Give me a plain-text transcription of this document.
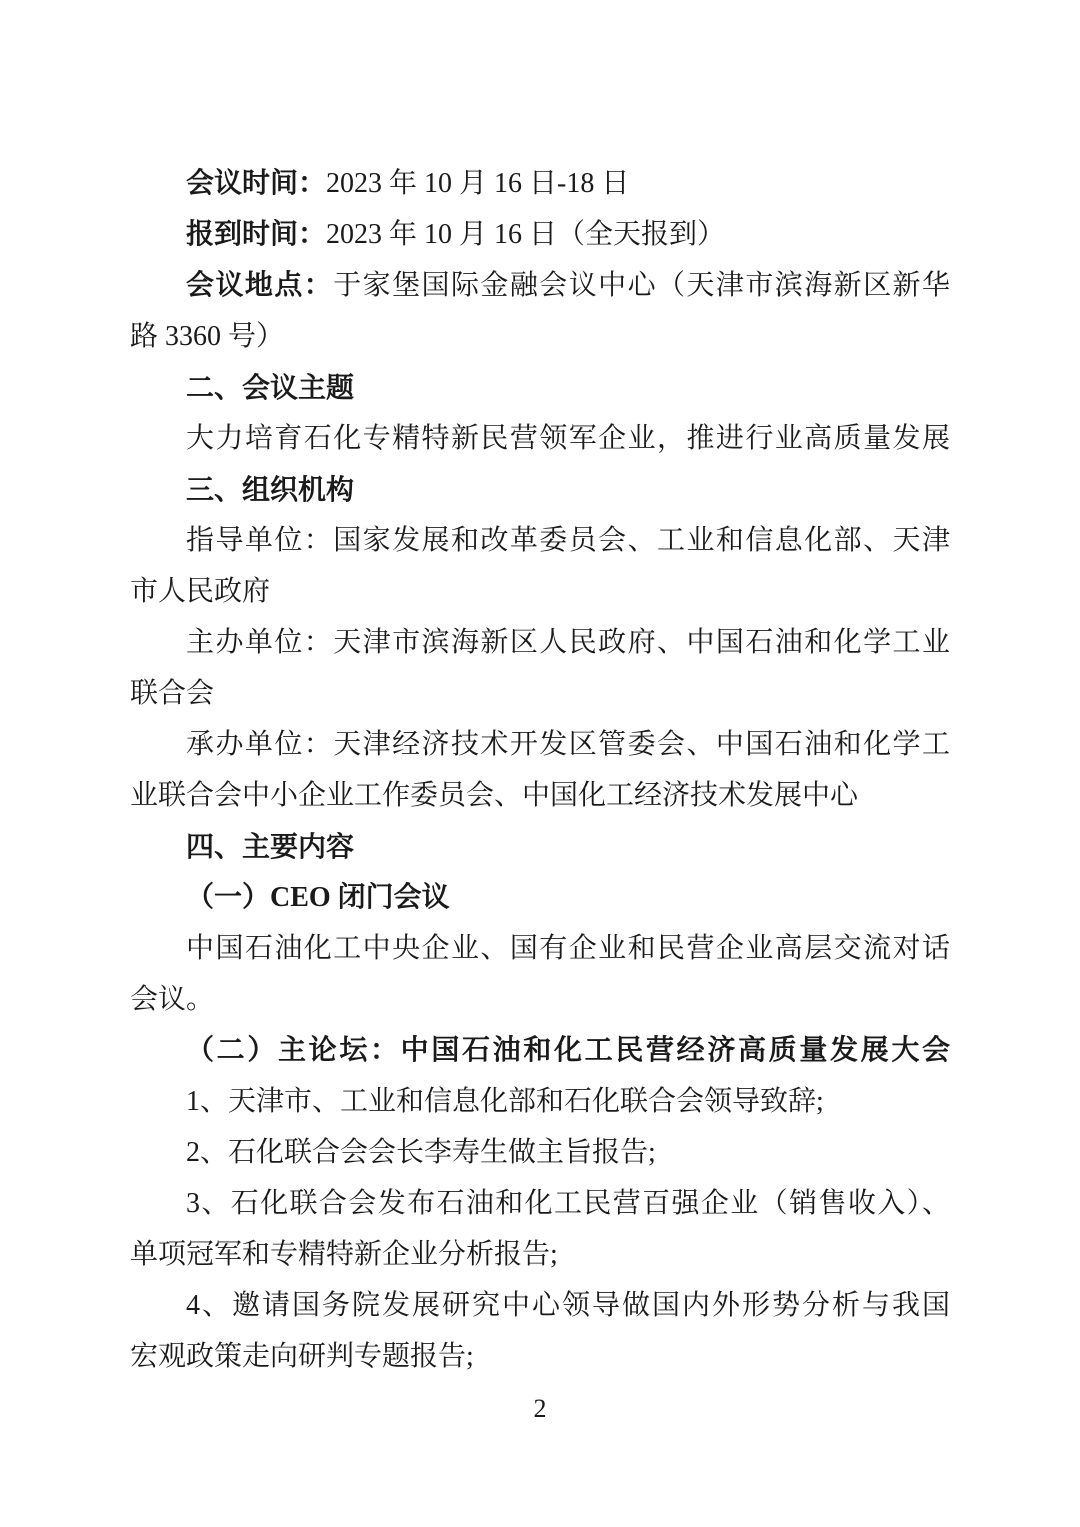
会议时间：2023 年 10 月 16 日-18 日
报到时间：2023 年 10 月 16 日（全天报到）
会议地点：于家堡国际金融会议中心（天津市滨海新区新华
路 3360 号）
二、会议主题
大力培育石化专精特新民营领军企业，推进行业高质量发展
三、组织机构
指导单位：国家发展和改革委员会、工业和信息化部、天津
市人民政府
主办单位：天津市滨海新区人民政府、中国石油和化学工业
联合会
承办单位：天津经济技术开发区管委会、中国石油和化学工
业联合会中小企业工作委员会、中国化工经济技术发展中心
四、主要内容
（一）CEO 闭门会议
中国石油化工中央企业、国有企业和民营企业高层交流对话
会议。
（二）主论坛：中国石油和化工民营经济高质量发展大会
1、天津市、工业和信息化部和石化联合会领导致辞;
2、石化联合会会长李寿生做主旨报告;
3、石化联合会发布石油和化工民营百强企业（销售收入）、
单项冠军和专精特新企业分析报告;
4、邀请国务院发展研究中心领导做国内外形势分析与我国
宏观政策走向研判专题报告;
2
